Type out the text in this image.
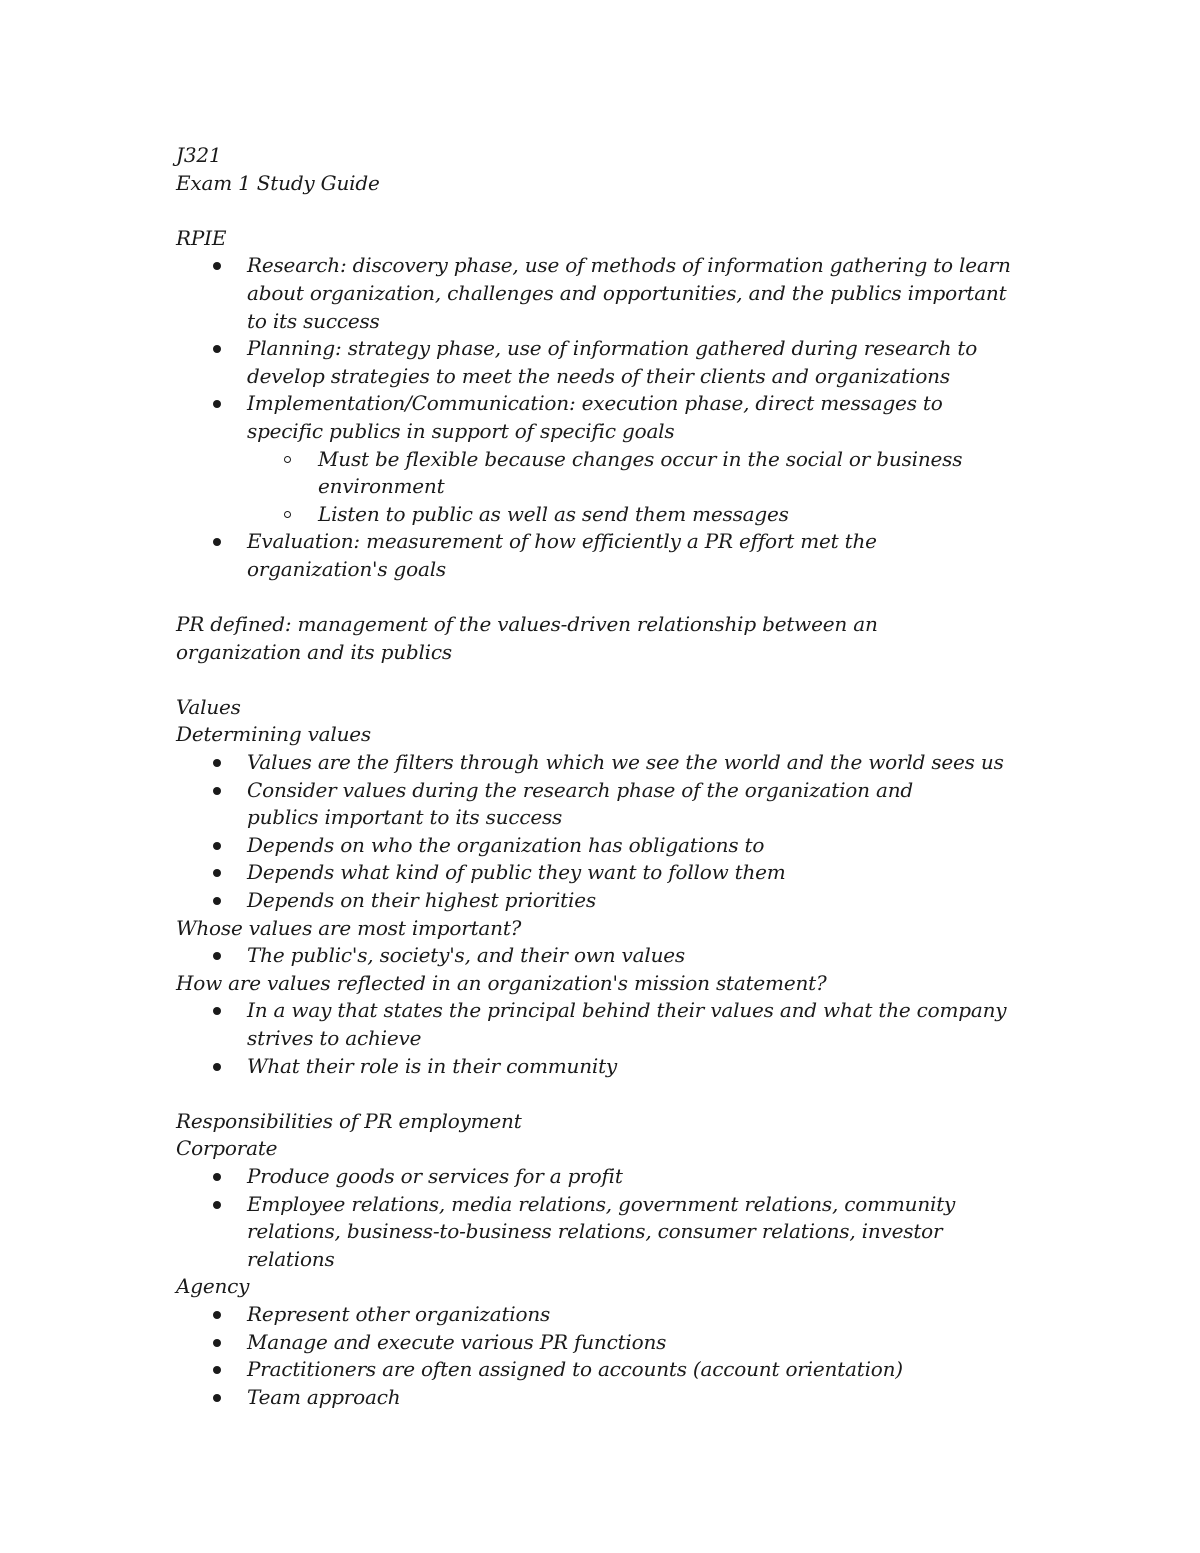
J321
Exam 1 Study Guide
RPIE
Research: discovery phase, use of methods of information gathering to learn about organization, challenges and opportunities, and the publics important to its success
Planning: strategy phase, use of information gathered during research to develop strategies to meet the needs of their clients and organizations
Implementation/Communication: execution phase, direct messages to specific publics in support of specific goals
Must be flexible because changes occur in the social or business environment
Listen to public as well as send them messages
Evaluation: measurement of how efficiently a PR effort met the organization's goals
PR defined: management of the values-driven relationship between an organization and its publics
Values
Determining values
Values are the filters through which we see the world and the world sees us
Consider values during the research phase of the organization and publics important to its success
Depends on who the organization has obligations to
Depends what kind of public they want to follow them
Depends on their highest priorities
Whose values are most important?
The public's, society's, and their own values
How are values reflected in an organization's mission statement?
In a way that states the principal behind their values and what the company strives to achieve
What their role is in their community
Responsibilities of PR employment
Corporate
Produce goods or services for a profit
Employee relations, media relations, government relations, community relations, business-to-business relations, consumer relations, investor relations
Agency
Represent other organizations
Manage and execute various PR functions
Practitioners are often assigned to accounts (account orientation)
Team approach
